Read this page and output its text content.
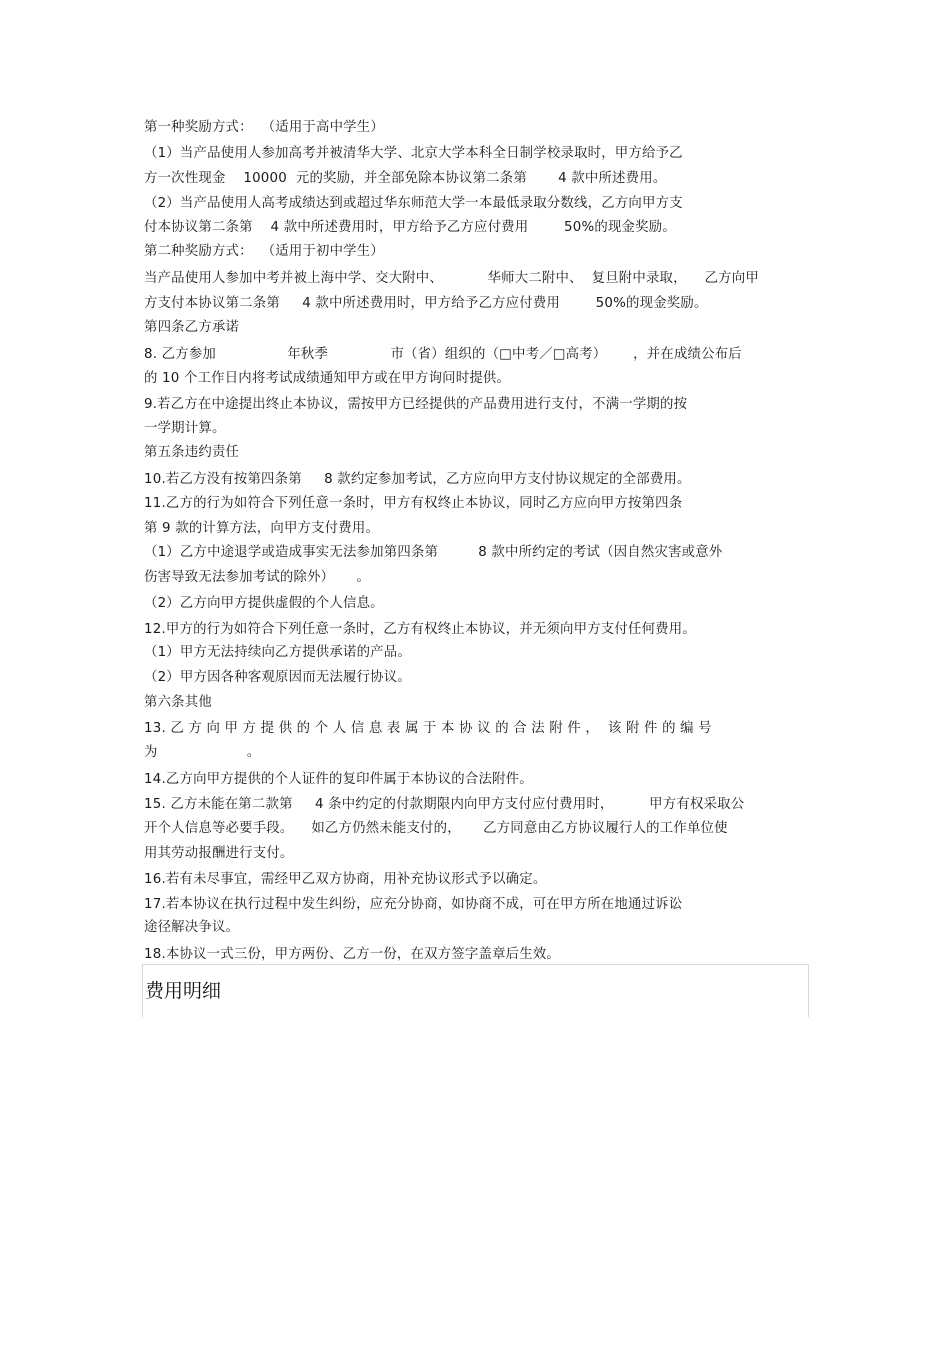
第一种奖励方式：  （适用于高中学生）
（1）当产品使用人参加高考并被清华大学、北京大学本科全日制学校录取时，甲方给予乙
方一次性现金    10000  元的奖励，并全部免除本协议第二条第       4 款中所述费用。
（2）当产品使用人高考成绩达到或超过华东师范大学一本最低录取分数线，乙方向甲方支
付本协议第二条第    4 款中所述费用时，甲方给予乙方应付费用        50%的现金奖励。
第二种奖励方式：  （适用于初中学生）
当产品使用人参加中考并被上海中学、交大附中、          华师大二附中、  复旦附中录取，    乙方向甲
方支付本协议第二条第     4 款中所述费用时，甲方给予乙方应付费用        50%的现金奖励。
第四条乙方承诺
8. 乙方参加                年秋季              市（省）组织的（□中考／□高考）      ，并在成绩公布后
的 10 个工作日内将考试成绩通知甲方或在甲方询问时提供。
9.若乙方在中途提出终止本协议，需按甲方已经提供的产品费用进行支付，不满一学期的按
一学期计算。
第五条违约责任
10.若乙方没有按第四条第     8 款约定参加考试，乙方应向甲方支付协议规定的全部费用。
11.乙方的行为如符合下列任意一条时，甲方有权终止本协议，同时乙方应向甲方按第四条
第 9 款的计算方法，向甲方支付费用。
（1）乙方中途退学或造成事实无法参加第四条第         8 款中所约定的考试（因自然灾害或意外
伤害导致无法参加考试的除外）     。
（2）乙方向甲方提供虚假的个人信息。
12.甲方的行为如符合下列任意一条时，乙方有权终止本协议，并无须向甲方支付任何费用。
（1）甲方无法持续向乙方提供承诺的产品。
（2）甲方因各种客观原因而无法履行协议。
第六条其他
13. 乙 方 向 甲 方 提 供 的 个 人 信 息 表 属 于 本 协 议 的 合 法 附 件 ，  该 附 件 的 编 号
为                    。
14.乙方向甲方提供的个人证件的复印件属于本协议的合法附件。
15. 乙方未能在第二款第     4 条中约定的付款期限内向甲方支付应付费用时，        甲方有权采取公
开个人信息等必要手段。    如乙方仍然未能支付的，     乙方同意由乙方协议履行人的工作单位使
用其劳动报酬进行支付。
16.若有未尽事宜，需经甲乙双方协商，用补充协议形式予以确定。
17.若本协议在执行过程中发生纠纷，应充分协商，如协商不成，可在甲方所在地通过诉讼
途径解决争议。
18.本协议一式三份，甲方两份、乙方一份，在双方签字盖章后生效。
费用明细
